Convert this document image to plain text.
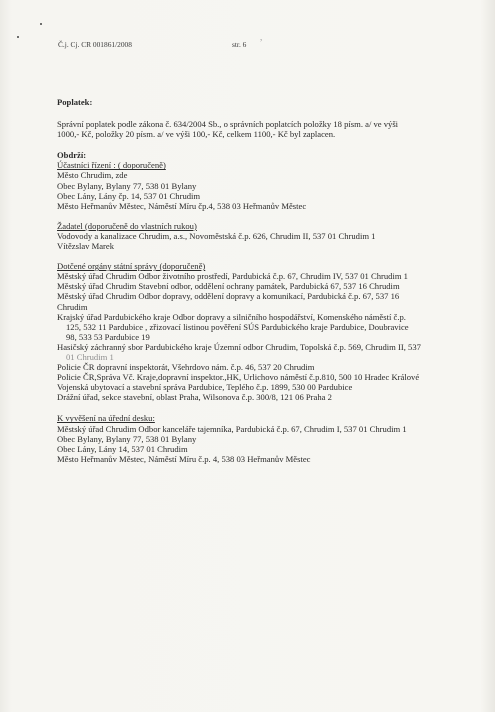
,
Č.j. Cj. CR 001861/2008	str. 6

Poplatek:

Správní poplatek podle zákona č. 634/2004 Sb., o správních poplatcích položky 18 písm. a/ ve výši

1000,- Kč, položky 20 písm. a/ ve výši 100,- Kč, celkem 1100,- Kč byl zaplacen.

Obdrží:

Účastníci řízení : ( doporučeně)

Město Chrudim, zde

Obec Bylany, Bylany 77, 538 01 Bylany

Obec Lány, Lány čp. 14, 537 01 Chrudim

Město Heřmanův Městec, Náměstí Míru čp.4, 538 03 Heřmanův Městec

Žadatel (doporučeně do vlastních rukou)

Vodovody a kanalizace Chrudim, a.s., Novoměstská č.p. 626, Chrudim II, 537 01 Chrudim 1

Vítězslav Marek

Dotčené orgány státní správy (doporučeně)

Městský úřad Chrudim Odbor životního prostředí, Pardubická č.p. 67, Chrudim IV, 537 01 Chrudim 1

Městský úřad Chrudim Stavební odbor, oddělení ochrany památek, Pardubická 67, 537 16 Chrudim

Městský úřad Chrudim Odbor dopravy, oddělení dopravy a komunikací, Pardubická č.p. 67, 537 16

Chrudim

Krajský úřad Pardubického kraje Odbor dopravy a silničního hospodářství, Komenského náměstí č.p.

125, 532 11 Pardubice , zřizovací listinou pověření SÚS Pardubického kraje Pardubice, Doubravice

98, 533 53 Pardubice 19

Hasičský záchranný sbor Pardubického kraje Územní odbor Chrudim, Topolská č.p. 569, Chrudim II, 537

01 Chrudim 1

Policie ČR dopravní inspektorát, Všehrdovo nám. č.p. 46, 537 20 Chrudim

Policie ČR,Správa Vč. Kraje,dopravní inspektor.,HK, Urlichovo náměstí č.p.810, 500 10 Hradec Králové

Vojenská ubytovací a stavební správa Pardubice, Teplého č.p. 1899, 530 00 Pardubice

Drážní úřad, sekce stavební, oblast Praha, Wilsonova č.p. 300/8, 121 06 Praha 2

K vyvěšení na úřední desku:

Městský úřad Chrudim Odbor kanceláře tajemníka, Pardubická č.p. 67, Chrudim I, 537 01 Chrudim 1

Obec Bylany, Bylany 77, 538 01 Bylany

Obec Lány, Lány 14, 537 01 Chrudim

Město Heřmanův Městec, Náměstí Míru č.p. 4, 538 03 Heřmanův Městec
